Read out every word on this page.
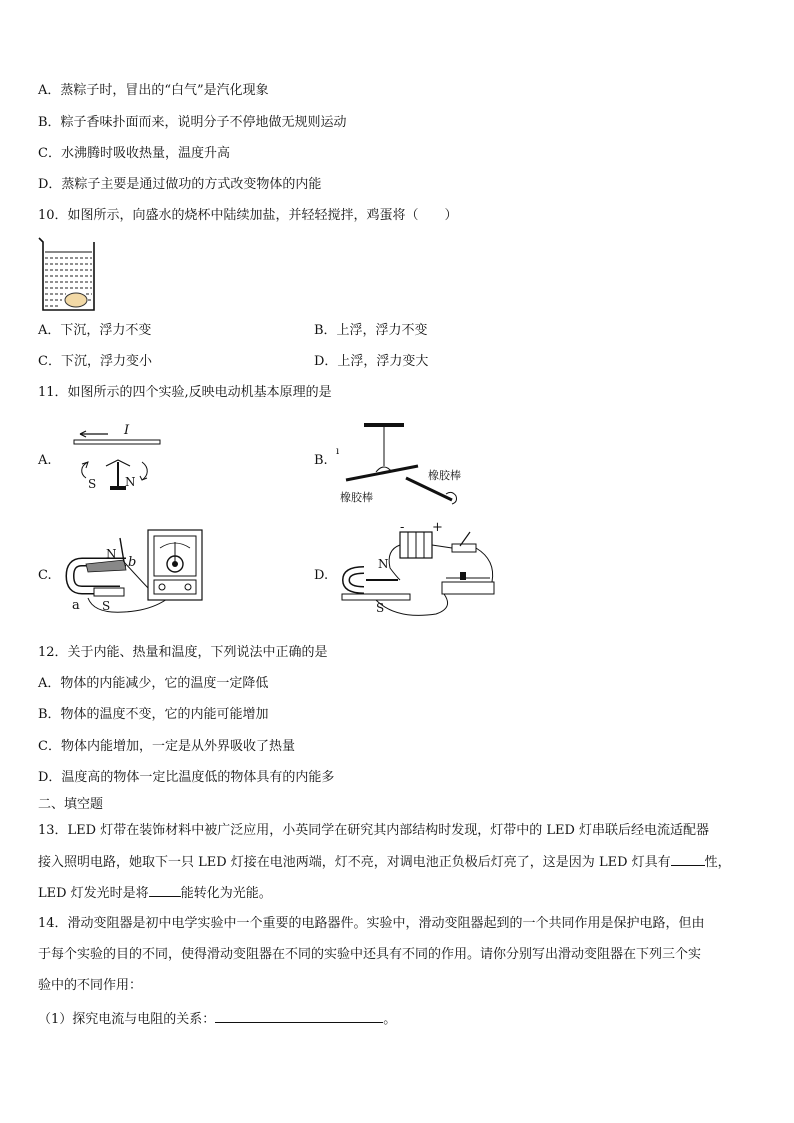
A．蒸粽子时，冒出的“白气”是汽化现象
B．粽子香味扑面而来，说明分子不停地做无规则运动
C．水沸腾时吸收热量，温度升高
D．蒸粽子主要是通过做功的方式改变物体的内能
10．如图所示，向盛水的烧杯中陆续加盐，并轻轻搅拌，鸡蛋将（　　）
A．下沉，浮力不变	B．上浮，浮力不变
C．下沉，浮力变小	D．上浮，浮力变大
11．如图所示的四个实验,反映电动机基本原理的是
A.	B.
C.	D.
I
S N
ı
橡胶棒
橡胶棒
N
b
a S
- +
N
S
12．关于内能、热量和温度，下列说法中正确的是
A．物体的内能减少，它的温度一定降低
B．物体的温度不变，它的内能可能增加
C．物体内能增加，一定是从外界吸收了热量
D．温度高的物体一定比温度低的物体具有的内能多
二、填空题
13．LED 灯带在装饰材料中被广泛应用，小英同学在研究其内部结构时发现，灯带中的 LED 灯串联后经电流适配器
接入照明电路，她取下一只 LED 灯接在电池两端，灯不亮，对调电池正负极后灯亮了，这是因为 LED 灯具有	性，
LED 灯发光时是将 能转化为光能。
14．滑动变阻器是初中电学实验中一个重要的电路器件。实验中，滑动变阻器起到的一个共同作用是保护电路，但由
于每个实验的目的不同，使得滑动变阻器在不同的实验中还具有不同的作用。请你分别写出滑动变阻器在下列三个实
验中的不同作用：
（1）探究电流与电阻的关系：	。
